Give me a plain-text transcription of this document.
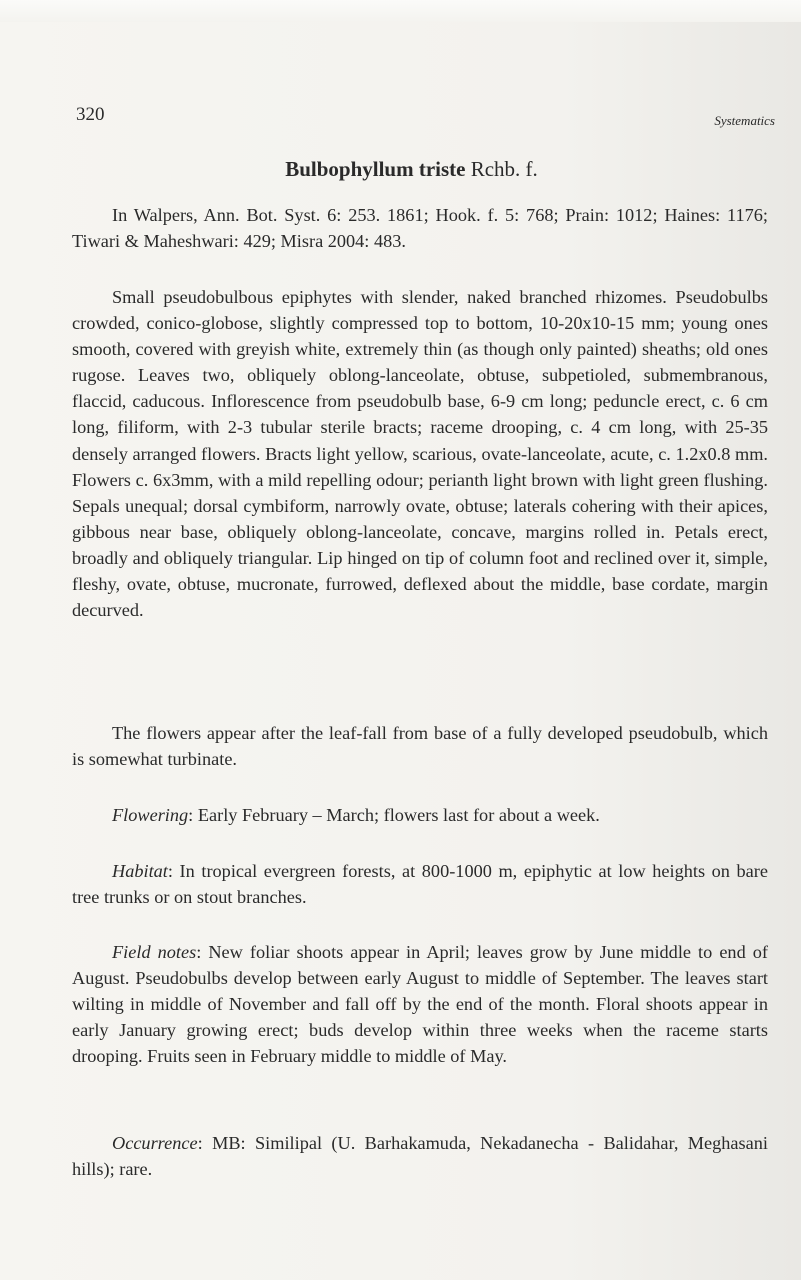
320	Systematics
Bulbophyllum triste Rchb. f.

In Walpers, Ann. Bot. Syst. 6: 253. 1861; Hook. f. 5: 768; Prain: 1012; Haines: 1176; Tiwari & Maheshwari: 429; Misra 2004: 483.

Small pseudobulbous epiphytes with slender, naked branched rhizomes. Pseudobulbs crowded, conico-globose, slightly compressed top to bottom, 10-20x10-15 mm; young ones smooth, covered with greyish white, extremely thin (as though only painted) sheaths; old ones rugose. Leaves two, obliquely oblong-lanceolate, obtuse, subpetioled, submembranous, flaccid, caducous. Inflorescence from pseudobulb base, 6-9 cm long; peduncle erect, c. 6 cm long, filiform, with 2-3 tubular sterile bracts; raceme drooping, c. 4 cm long, with 25-35 densely arranged flowers. Bracts light yellow, scarious, ovate-lanceolate, acute, c. 1.2x0.8 mm. Flowers c. 6x3mm, with a mild repelling odour; perianth light brown with light green flushing. Sepals unequal; dorsal cymbiform, narrowly ovate, obtuse; laterals cohering with their apices, gibbous near base, obliquely oblong-lanceolate, concave, margins rolled in. Petals erect, broadly and obliquely triangular. Lip hinged on tip of column foot and reclined over it, simple, fleshy, ovate, obtuse, mucronate, furrowed, deflexed about the middle, base cordate, margin decurved.

The flowers appear after the leaf-fall from base of a fully developed pseudobulb, which is somewhat turbinate.

Flowering: Early February – March; flowers last for about a week.

Habitat: In tropical evergreen forests, at 800-1000 m, epiphytic at low heights on bare tree trunks or on stout branches.

Field notes: New foliar shoots appear in April; leaves grow by June middle to end of August. Pseudobulbs develop between early August to middle of September. The leaves start wilting in middle of November and fall off by the end of the month. Floral shoots appear in early January growing erect; buds develop within three weeks when the raceme starts drooping. Fruits seen in February middle to middle of May.

Occurrence: MB: Similipal (U. Barhakamuda, Nekadanecha - Balidahar, Meghasani hills); rare.
